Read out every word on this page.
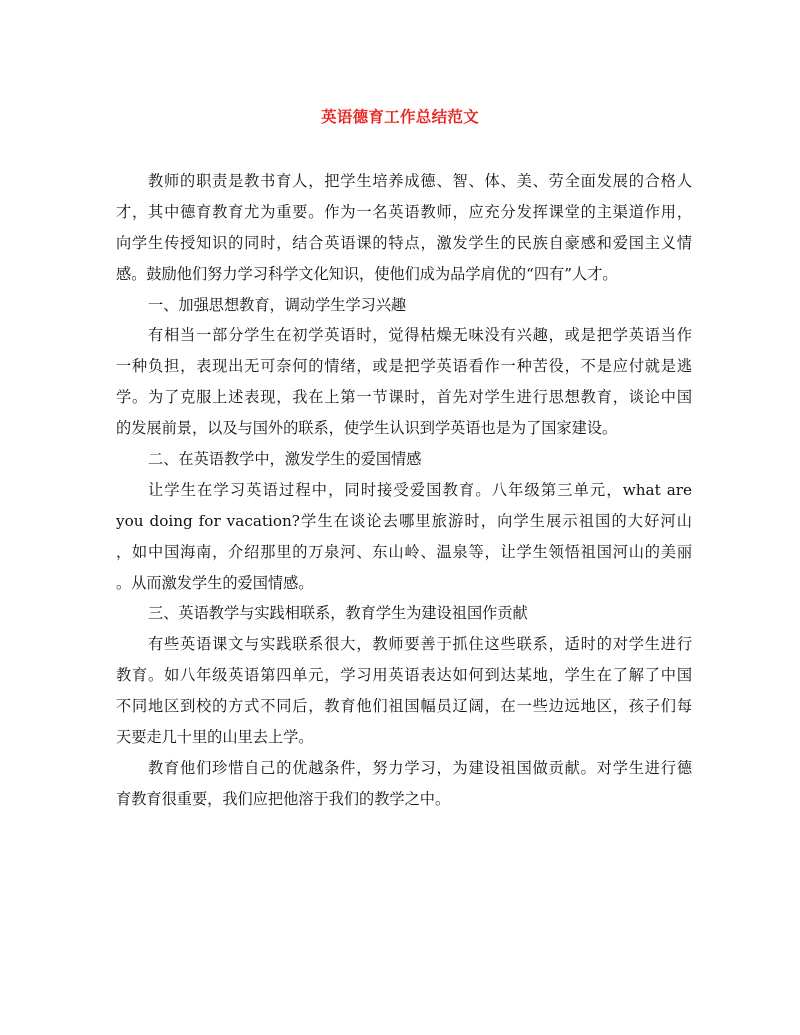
英语德育工作总结范文
教师的职责是教书育人，把学生培养成德、智、体、美、劳全面发展的合格人
才，其中德育教育尤为重要。作为一名英语教师，应充分发挥课堂的主渠道作用，
向学生传授知识的同时，结合英语课的特点，激发学生的民族自豪感和爱国主义情
感。鼓励他们努力学习科学文化知识，使他们成为品学肩优的“四有”人才。
一、加强思想教育，调动学生学习兴趣
有相当一部分学生在初学英语时，觉得枯燥无味没有兴趣，或是把学英语当作
一种负担，表现出无可奈何的情绪，或是把学英语看作一种苦役，不是应付就是逃
学。为了克服上述表现，我在上第一节课时，首先对学生进行思想教育，谈论中国
的发展前景，以及与国外的联系，使学生认识到学英语也是为了国家建设。
二、在英语教学中，激发学生的爱国情感
让学生在学习英语过程中，同时接受爱国教育。八年级第三单元，what are
you doing for vacation?学生在谈论去哪里旅游时，向学生展示祖国的大好河山
，如中国海南，介绍那里的万泉河、东山岭、温泉等，让学生领悟祖国河山的美丽
。从而激发学生的爱国情感。
三、英语教学与实践相联系，教育学生为建设祖国作贡献
有些英语课文与实践联系很大，教师要善于抓住这些联系，适时的对学生进行
教育。如八年级英语第四单元，学习用英语表达如何到达某地，学生在了解了中国
不同地区到校的方式不同后，教育他们祖国幅员辽阔，在一些边远地区，孩子们每
天要走几十里的山里去上学。
教育他们珍惜自己的优越条件，努力学习，为建设祖国做贡献。对学生进行德
育教育很重要，我们应把他溶于我们的教学之中。
